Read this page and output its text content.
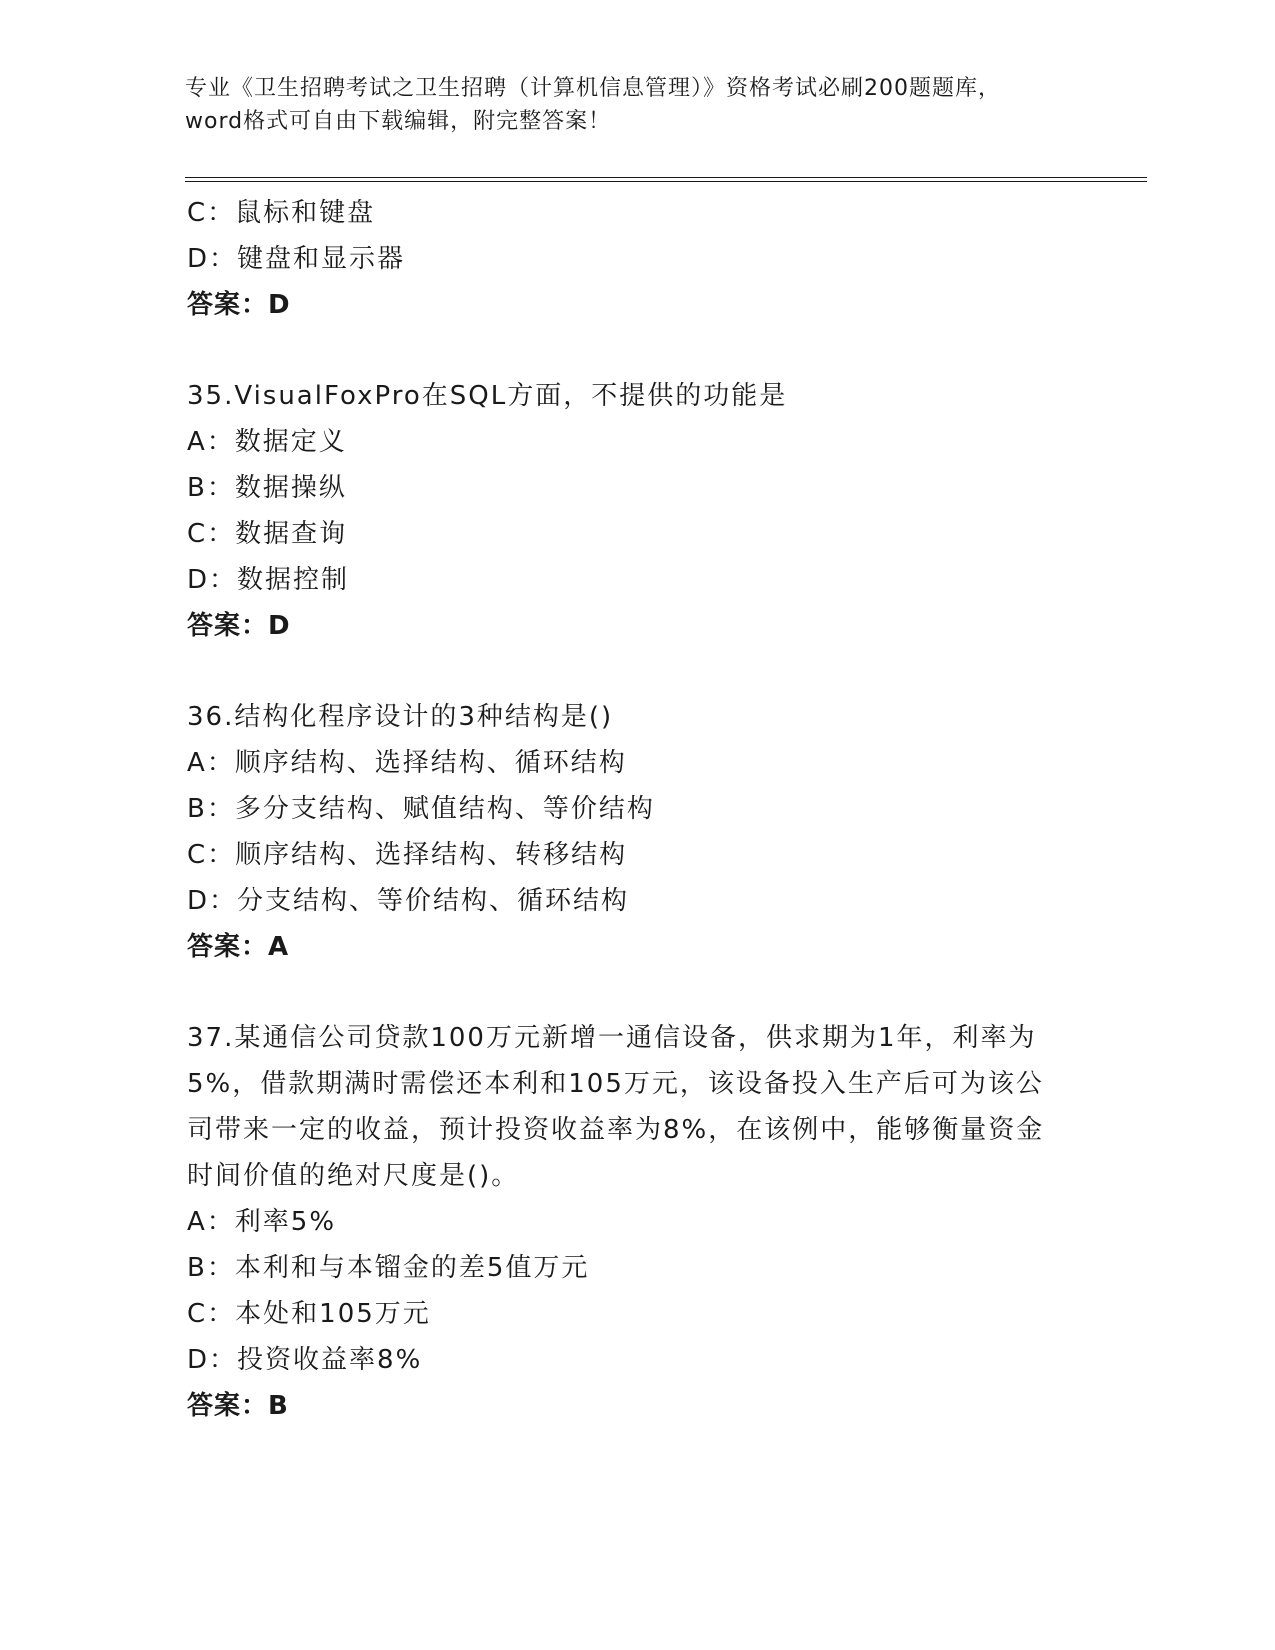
专业《卫生招聘考试之卫生招聘（计算机信息管理）》资格考试必刷200题题库，
word格式可自由下载编辑，附完整答案！
C：鼠标和键盘
D：键盘和显示器
答案：D
35.VisualFoxPro在SQL方面，不提供的功能是
A：数据定义
B：数据操纵
C：数据查询
D：数据控制
答案：D
36.结构化程序设计的3种结构是()
A：顺序结构、选择结构、循环结构
B：多分支结构、赋值结构、等价结构
C：顺序结构、选择结构、转移结构
D：分支结构、等价结构、循环结构
答案：A
37.某通信公司贷款100万元新增一通信设备，供求期为1年，利率为
5%，借款期满时需偿还本利和105万元，该设备投入生产后可为该公
司带来一定的收益，预计投资收益率为8%，在该例中，能够衡量资金
时间价值的绝对尺度是()。
A：利率5%
B：本利和与本镏金的差5值万元
C：本处和105万元
D：投资收益率8%
答案：B
